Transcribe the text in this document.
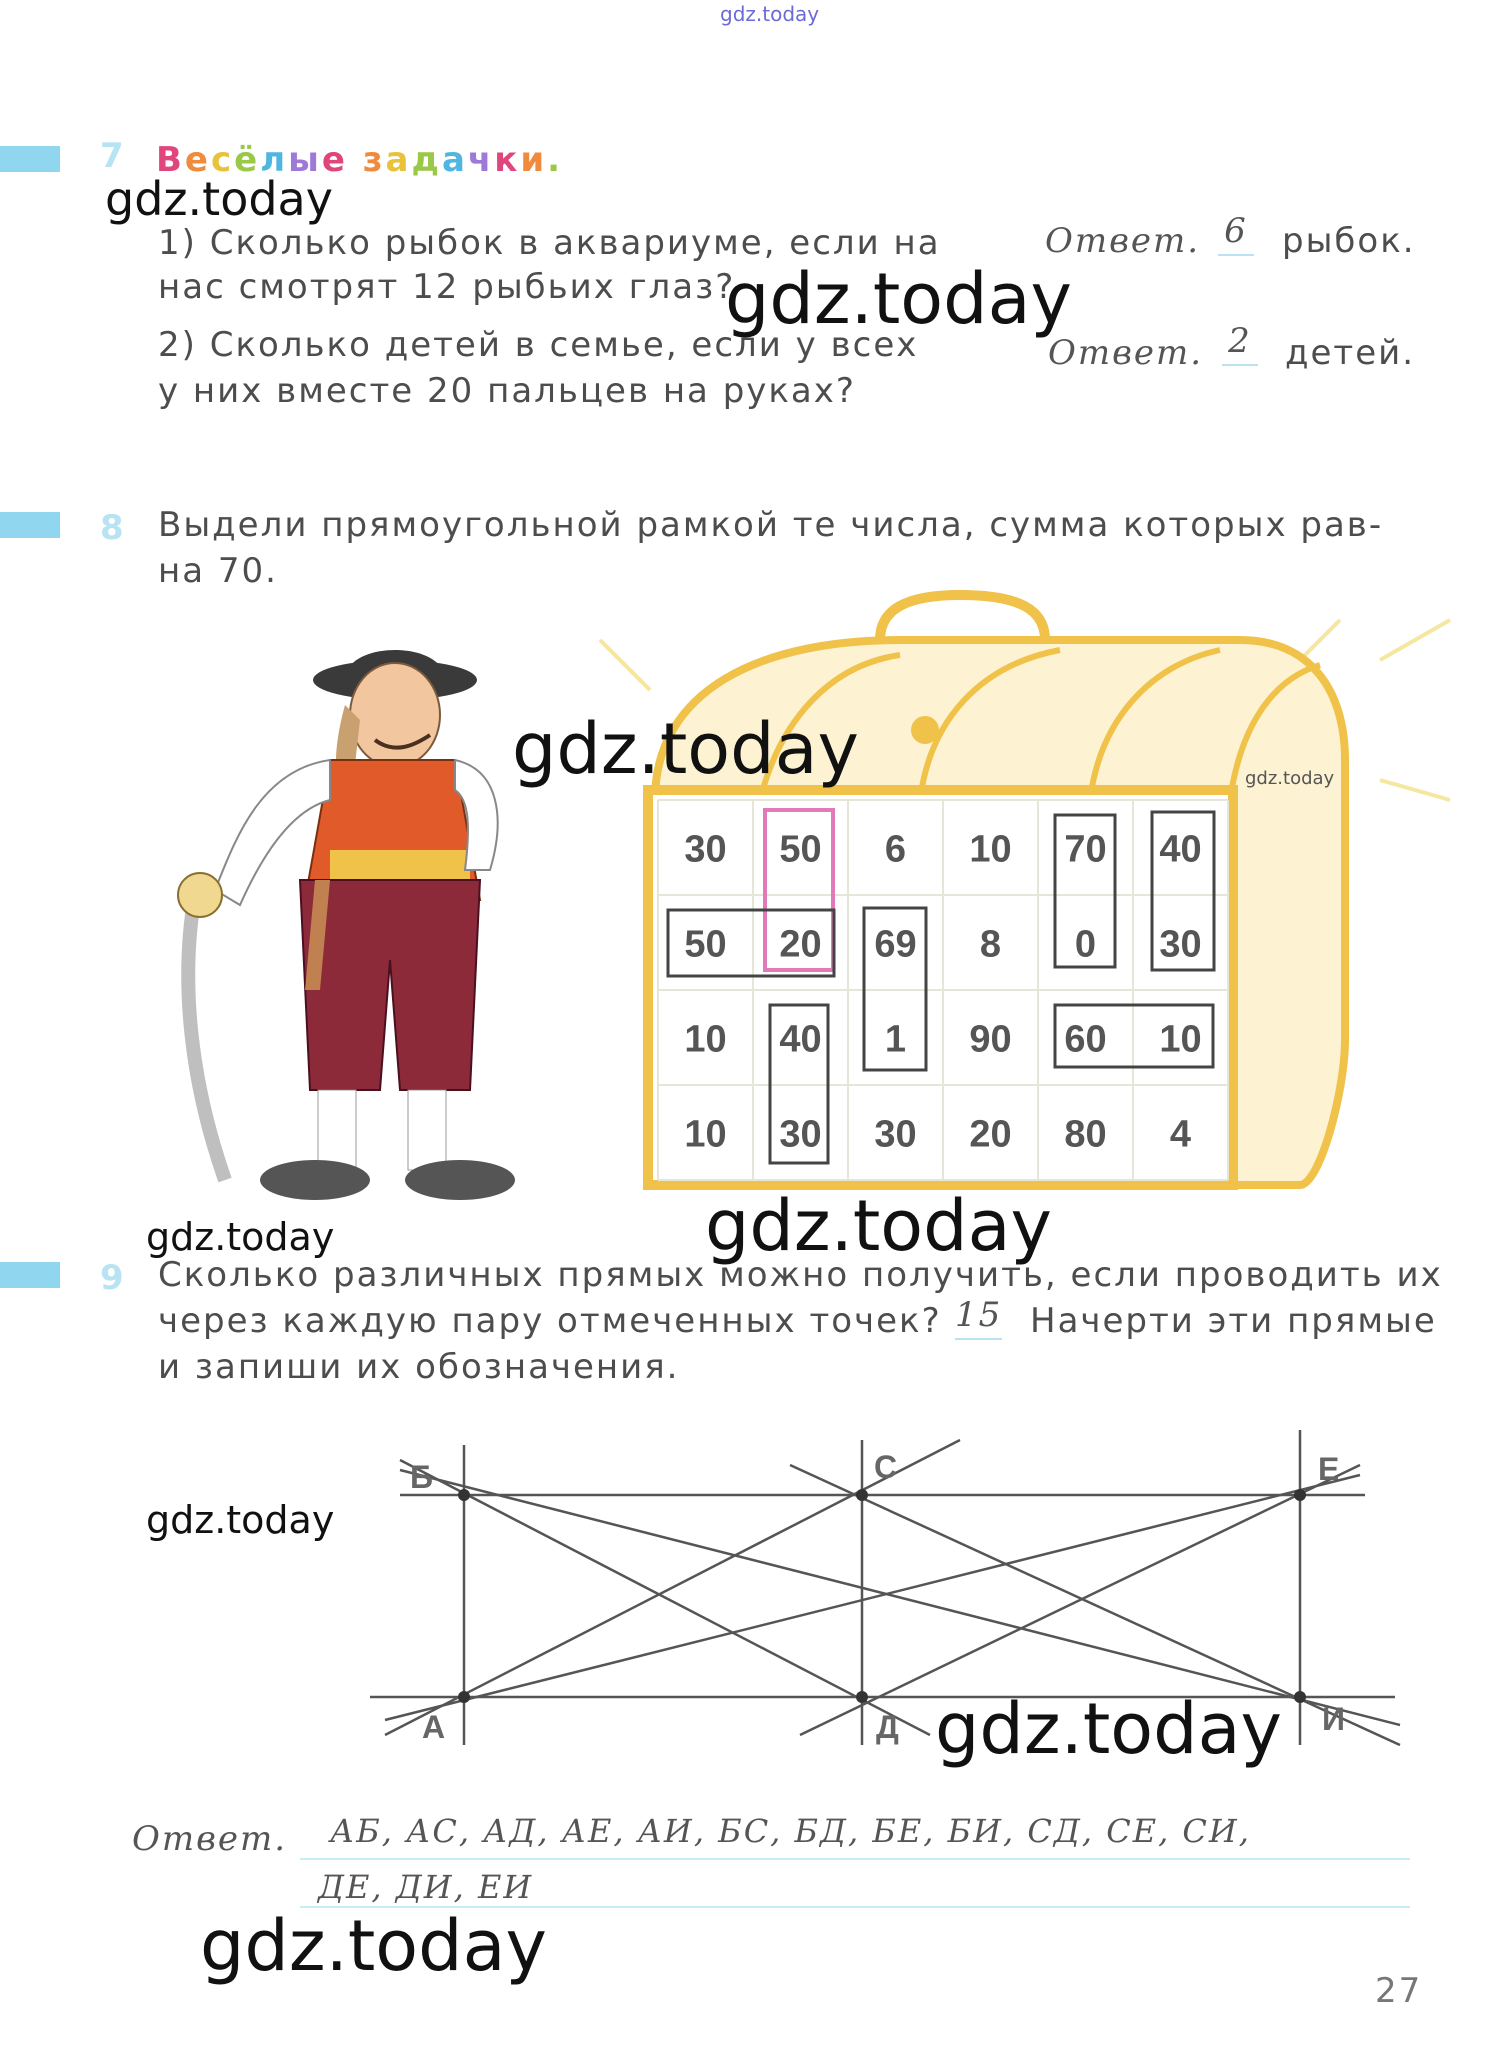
gdz.today
7 Весёлые задачки.
gdz.today
1) Сколько рыбок в аквариуме, если на
нас смотрят 12 рыбьих глаз?
Ответ. 6 рыбок.
gdz.today
2) Сколько детей в семье, если у всех
у них вместе 20 пальцев на руках?
Ответ. 2 детей.
8 Выдели прямоугольной рамкой те числа, сумма которых рав-
на 70.
30 50 6 10 70 40
50 20 69 8 0 30
10 40 1 90 60 10
10 30 30 20 80 4
gdz.today	gdz.today
gdz.today	gdz.today
9 Сколько различных прямых можно получить, если проводить их
через каждую пару отмеченных точек? 15 Начерти эти прямые
и запиши их обозначения.
gdz.today
Б	С	Е
А	Д	И
gdz.today
Ответ. АБ, АС, АД, АЕ, АИ, БС, БД, БЕ, БИ, СД, СЕ, СИ,
ДЕ, ДИ, ЕИ
gdz.today
27
